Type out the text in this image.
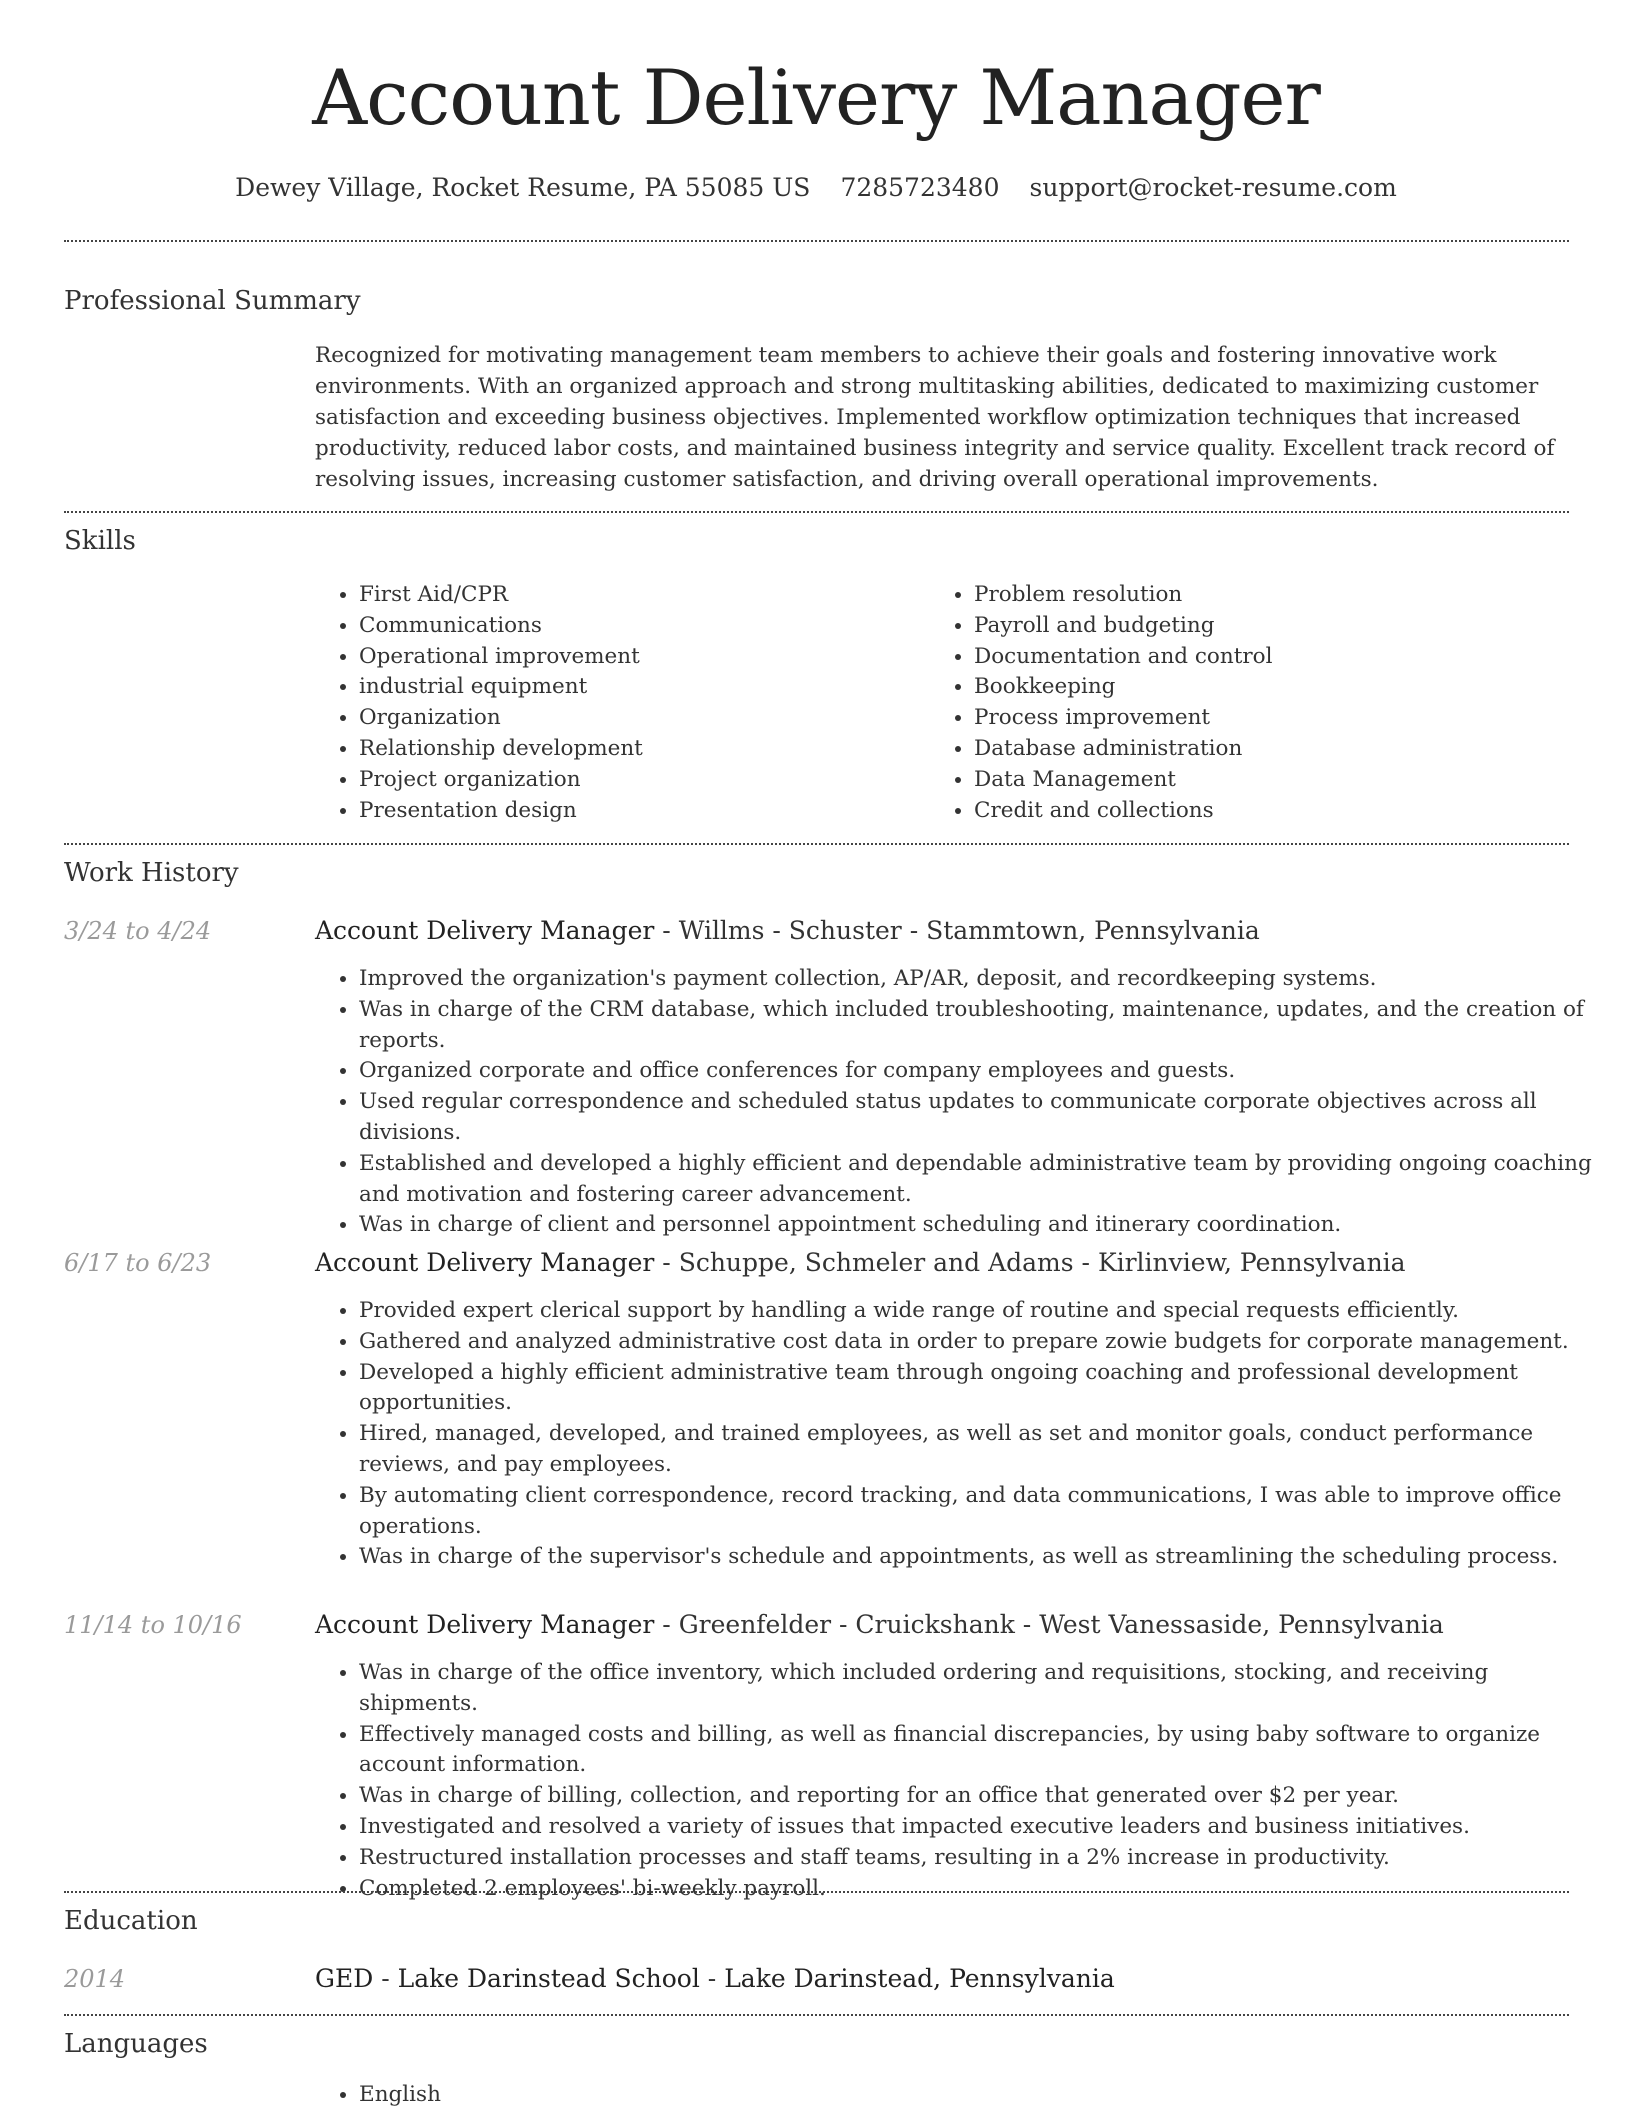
Account Delivery Manager
Dewey Village, Rocket Resume, PA 55085 US 7285723480 support@rocket-resume.com
Professional Summary

Recognized for motivating management team members to achieve their goals and fostering innovative work environments. With an organized approach and strong multitasking abilities, dedicated to maximizing customer satisfaction and exceeding business objectives. Implemented workflow optimization techniques that increased productivity, reduced labor costs, and maintained business integrity and service quality. Excellent track record of resolving issues, increasing customer satisfaction, and driving overall operational improvements.

Skills
• First Aid/CPR
• Communications
• Operational improvement
• industrial equipment
• Organization
• Relationship development
• Project organization
• Presentation design
• Problem resolution
• Payroll and budgeting
• Documentation and control
• Bookkeeping
• Process improvement
• Database administration
• Data Management
• Credit and collections
Work History
3/24 to 4/24	Account Delivery Manager - Willms - Schuster - Stammtown, Pennsylvania
• Improved the organization's payment collection, AP/AR, deposit, and recordkeeping systems.
• Was in charge of the CRM database, which included troubleshooting, maintenance, updates, and the creation of reports.
• Organized corporate and office conferences for company employees and guests.
• Used regular correspondence and scheduled status updates to communicate corporate objectives across all divisions.
• Established and developed a highly efficient and dependable administrative team by providing ongoing coaching and motivation and fostering career advancement.
• Was in charge of client and personnel appointment scheduling and itinerary coordination.
6/17 to 6/23	Account Delivery Manager - Schuppe, Schmeler and Adams - Kirlinview, Pennsylvania
• Provided expert clerical support by handling a wide range of routine and special requests efficiently.
• Gathered and analyzed administrative cost data in order to prepare zowie budgets for corporate management.
• Developed a highly efficient administrative team through ongoing coaching and professional development opportunities.
• Hired, managed, developed, and trained employees, as well as set and monitor goals, conduct performance reviews, and pay employees.
• By automating client correspondence, record tracking, and data communications, I was able to improve office operations.
• Was in charge of the supervisor's schedule and appointments, as well as streamlining the scheduling process.
11/14 to 10/16	Account Delivery Manager - Greenfelder - Cruickshank - West Vanessaside, Pennsylvania
• Was in charge of the office inventory, which included ordering and requisitions, stocking, and receiving shipments.
• Effectively managed costs and billing, as well as financial discrepancies, by using baby software to organize account information.
• Was in charge of billing, collection, and reporting for an office that generated over $2 per year.
• Investigated and resolved a variety of issues that impacted executive leaders and business initiatives.
• Restructured installation processes and staff teams, resulting in a 2% increase in productivity.
• Completed 2 employees' bi-weekly payroll.
Education
2014	GED - Lake Darinstead School - Lake Darinstead, Pennsylvania
Languages
• English
